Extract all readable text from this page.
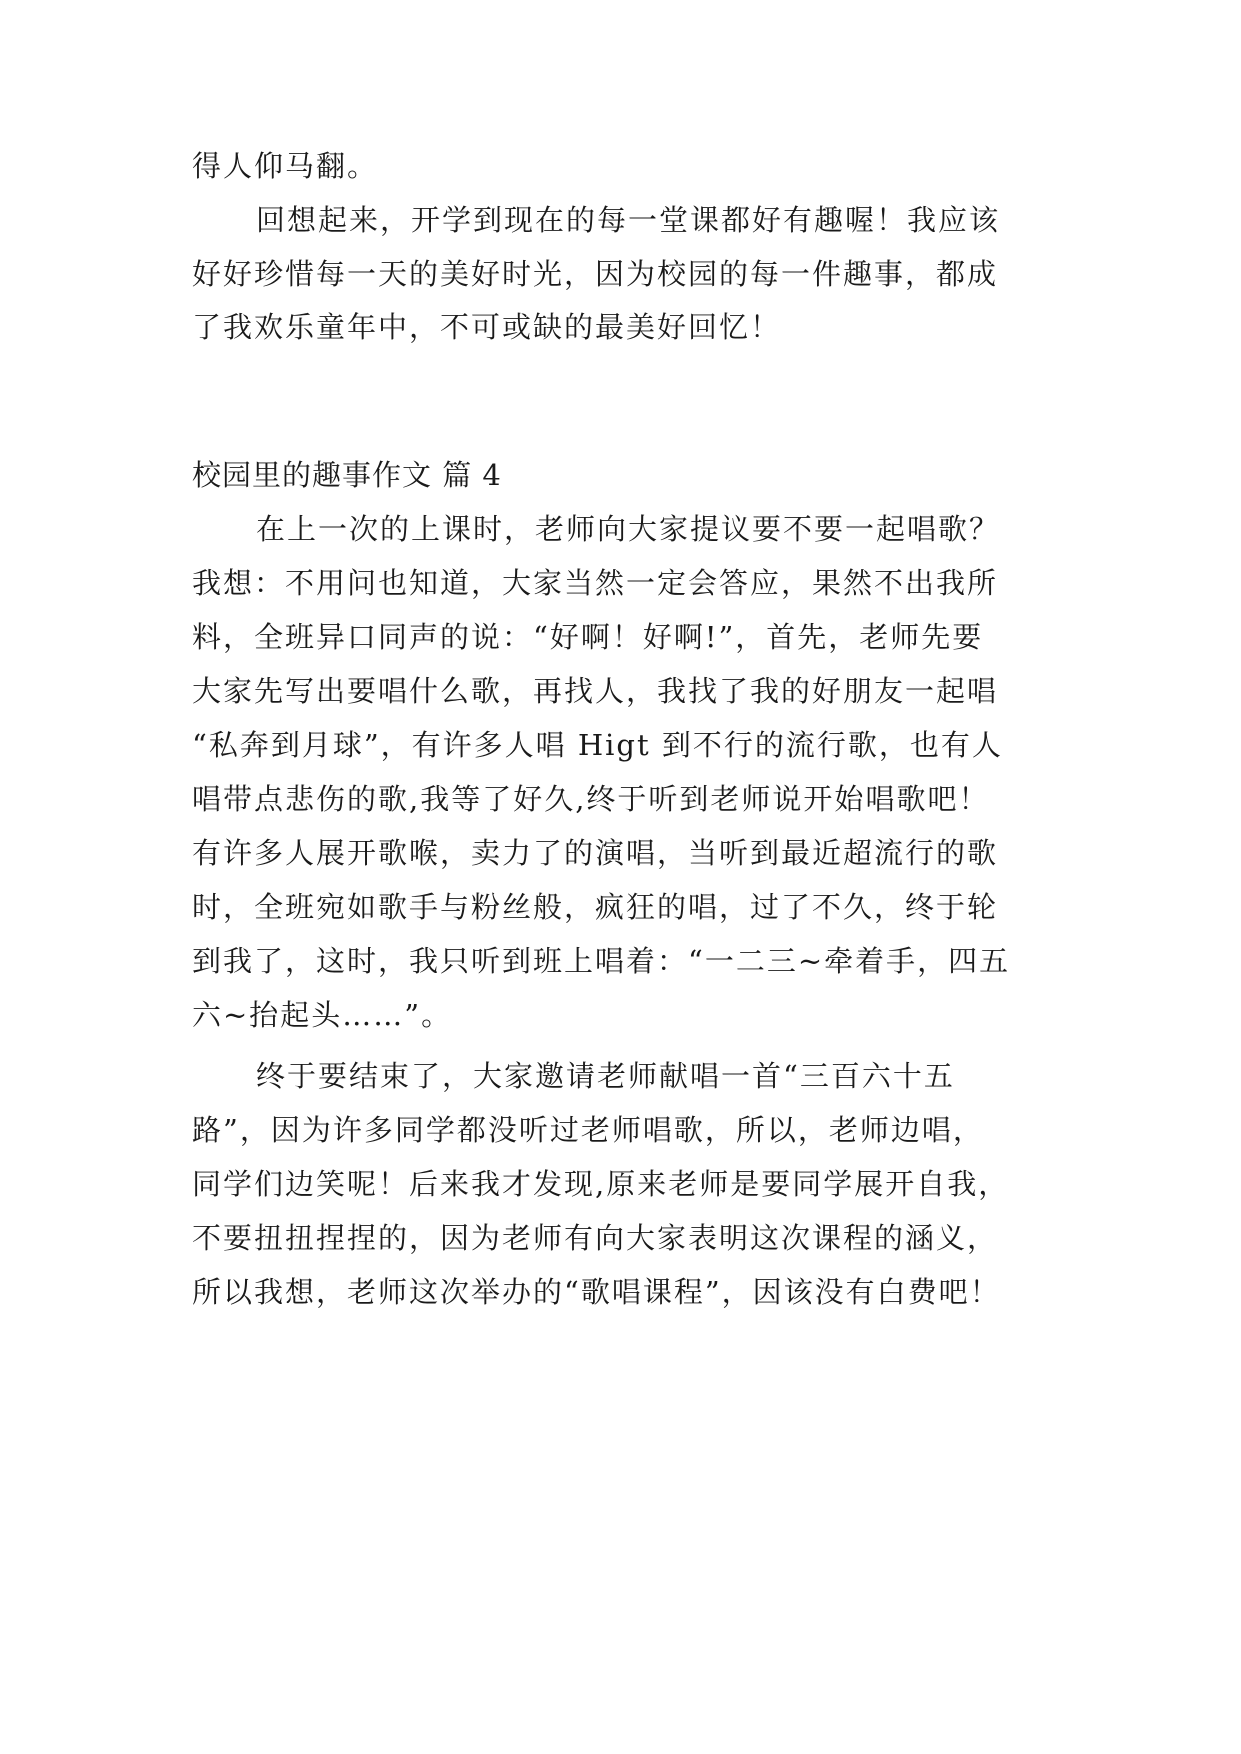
得人仰马翻。
回想起来，开学到现在的每一堂课都好有趣喔！我应该
好好珍惜每一天的美好时光，因为校园的每一件趣事，都成
了我欢乐童年中，不可或缺的最美好回忆！
校园里的趣事作文 篇 4
在上一次的上课时，老师向大家提议要不要一起唱歌？
我想：不用问也知道，大家当然一定会答应，果然不出我所
料，全班异口同声的说：“好啊！好啊!”，首先，老师先要
大家先写出要唱什么歌，再找人，我找了我的好朋友一起唱
“私奔到月球”，有许多人唱 Higt 到不行的流行歌，也有人
唱带点悲伤的歌,我等了好久,终于听到老师说开始唱歌吧！
有许多人展开歌喉，卖力了的演唱，当听到最近超流行的歌
时，全班宛如歌手与粉丝般，疯狂的唱，过了不久，终于轮
到我了，这时，我只听到班上唱着：“一二三~牵着手，四五
六~抬起头……”。
终于要结束了，大家邀请老师献唱一首“三百六十五
路”，因为许多同学都没听过老师唱歌，所以，老师边唱，
同学们边笑呢！后来我才发现,原来老师是要同学展开自我，
不要扭扭捏捏的，因为老师有向大家表明这次课程的涵义，
所以我想，老师这次举办的“歌唱课程”，因该没有白费吧！
